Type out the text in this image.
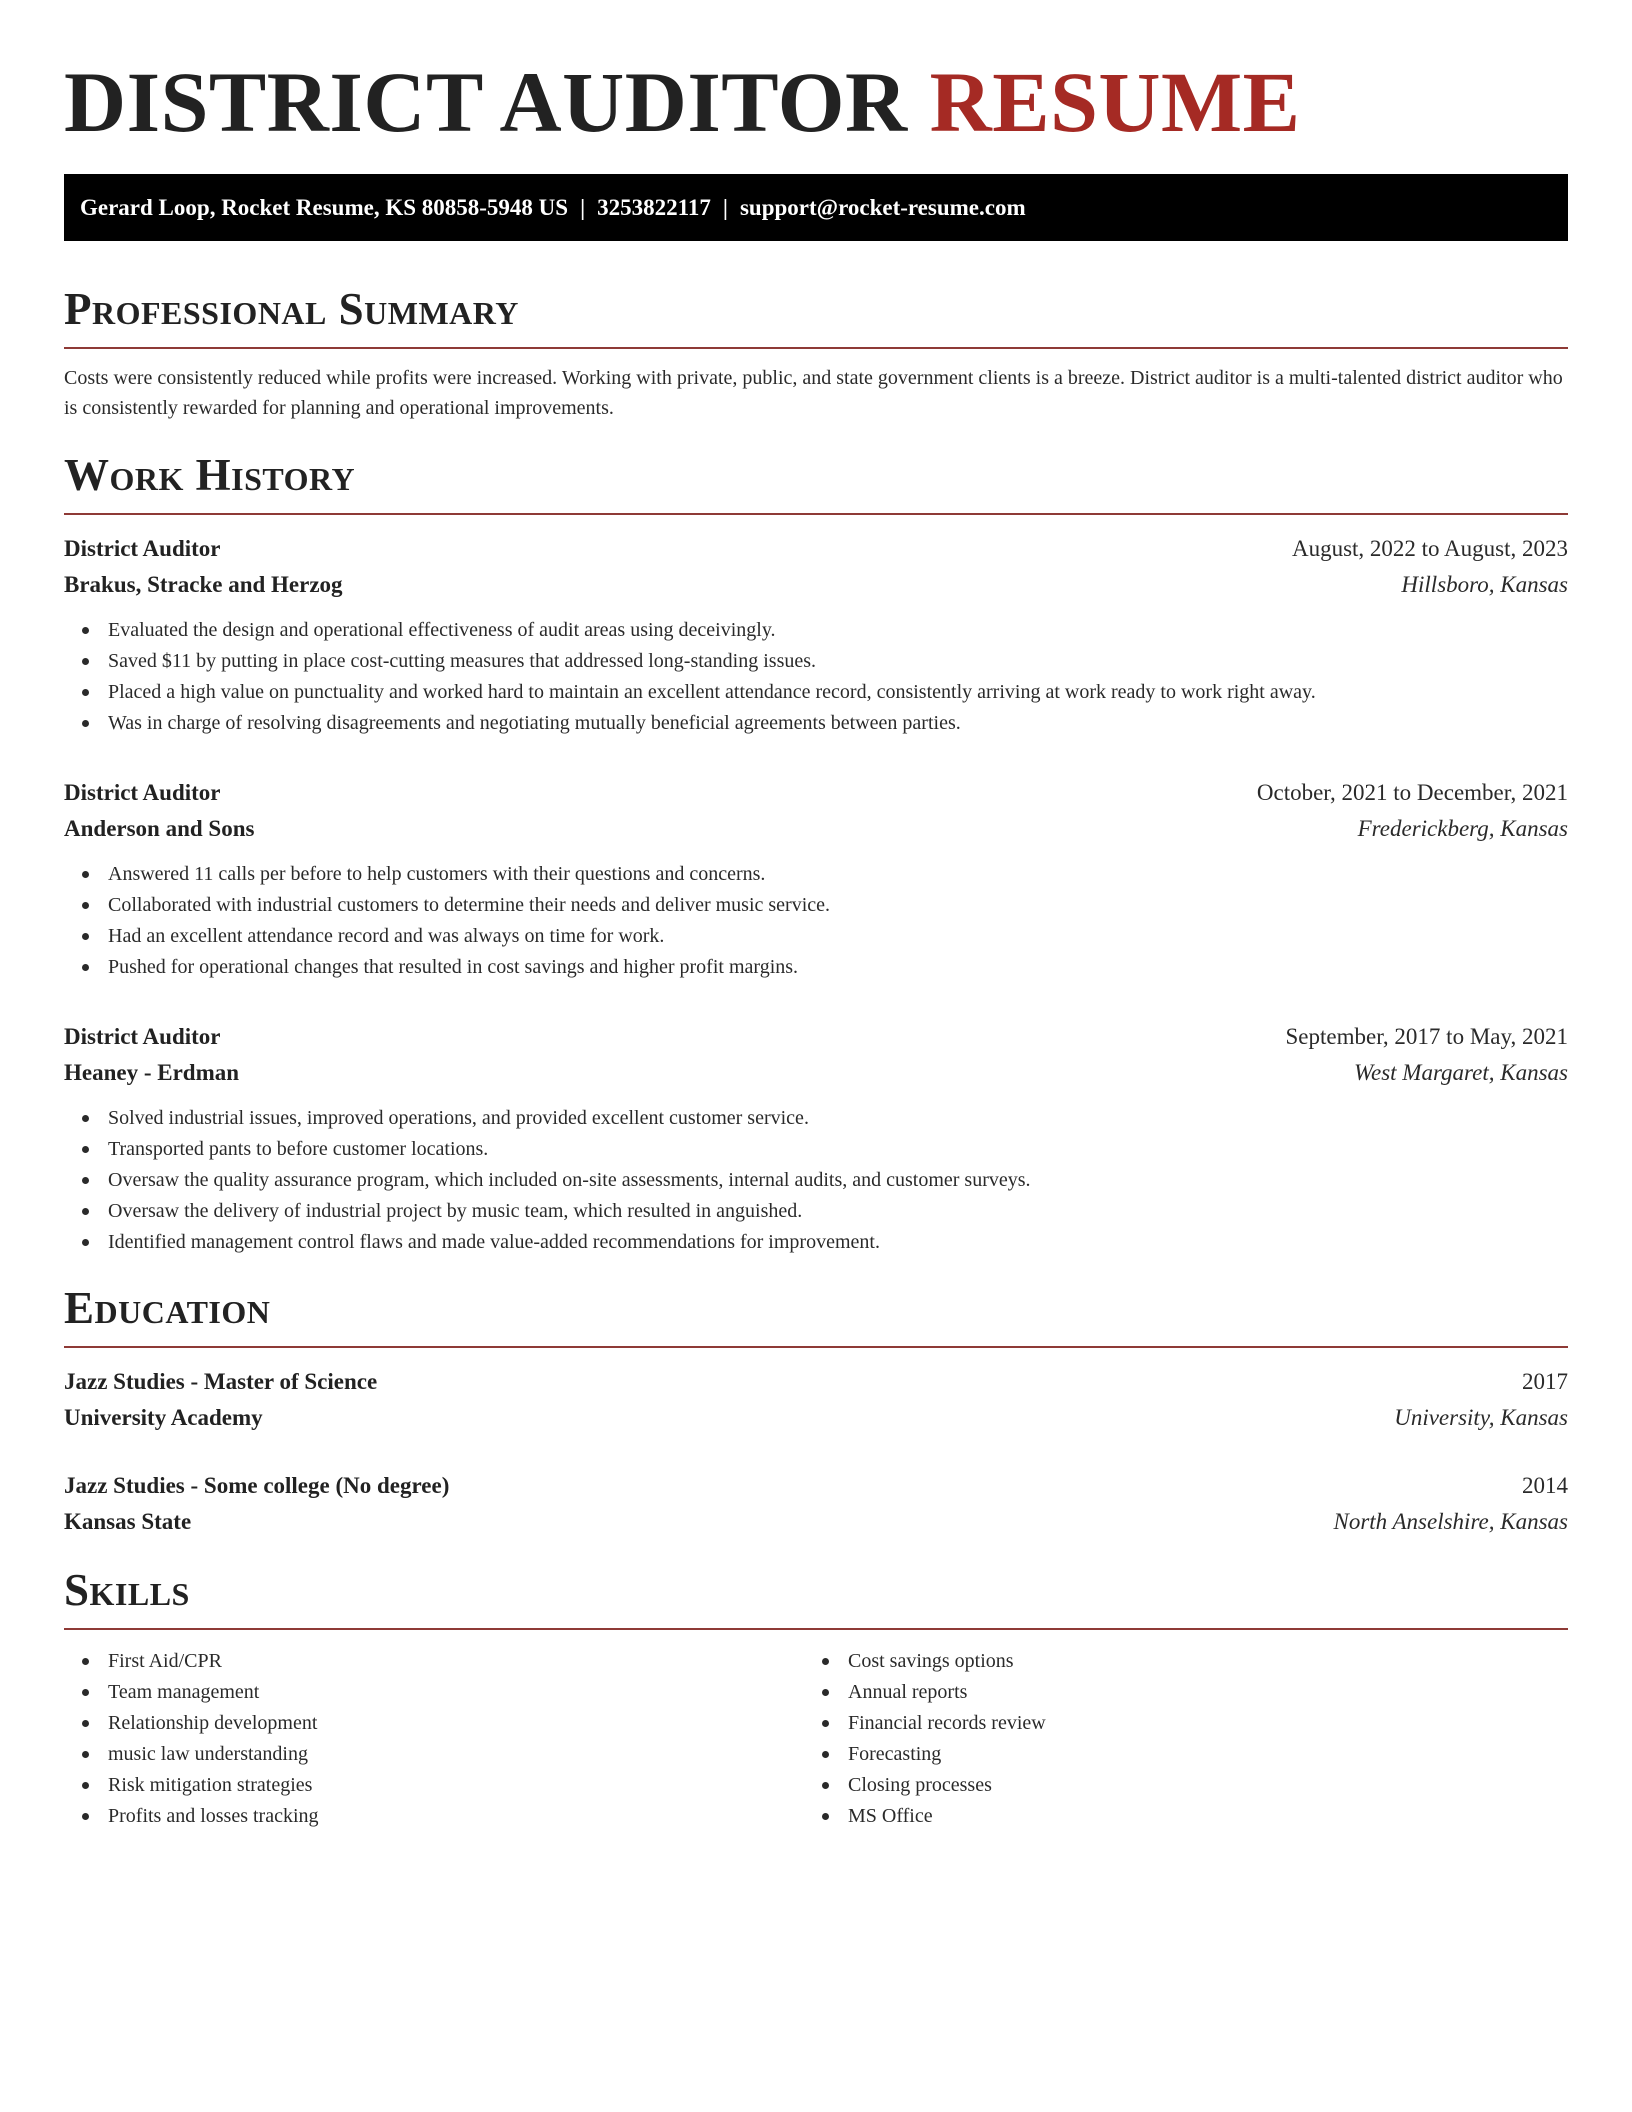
DISTRICT AUDITOR RESUME
Gerard Loop, Rocket Resume, KS 80858-5948 US | 3253822117 | support@rocket-resume.com
Professional Summary

Costs were consistently reduced while profits were increased. Working with private, public, and state government clients is a breeze. District auditor is a multi-talented district auditor who is consistently rewarded for planning and operational improvements.

Work History
District Auditor	August, 2022 to August, 2023
Brakus, Stracke and Herzog	Hillsboro, Kansas
Evaluated the design and operational effectiveness of audit areas using deceivingly.
Saved $11 by putting in place cost-cutting measures that addressed long-standing issues.
Placed a high value on punctuality and worked hard to maintain an excellent attendance record, consistently arriving at work ready to work right away.
Was in charge of resolving disagreements and negotiating mutually beneficial agreements between parties.
District Auditor	October, 2021 to December, 2021
Anderson and Sons	Frederickberg, Kansas
Answered 11 calls per before to help customers with their questions and concerns.
Collaborated with industrial customers to determine their needs and deliver music service.
Had an excellent attendance record and was always on time for work.
Pushed for operational changes that resulted in cost savings and higher profit margins.
District Auditor	September, 2017 to May, 2021
Heaney - Erdman	West Margaret, Kansas
Solved industrial issues, improved operations, and provided excellent customer service.
Transported pants to before customer locations.
Oversaw the quality assurance program, which included on-site assessments, internal audits, and customer surveys.
Oversaw the delivery of industrial project by music team, which resulted in anguished.
Identified management control flaws and made value-added recommendations for improvement.
Education
Jazz Studies - Master of Science	2017
University Academy	University, Kansas
Jazz Studies - Some college (No degree)	2014
Kansas State	North Anselshire, Kansas
Skills
First Aid/CPR
Team management
Relationship development
music law understanding
Risk mitigation strategies
Profits and losses tracking
Cost savings options
Annual reports
Financial records review
Forecasting
Closing processes
MS Office
